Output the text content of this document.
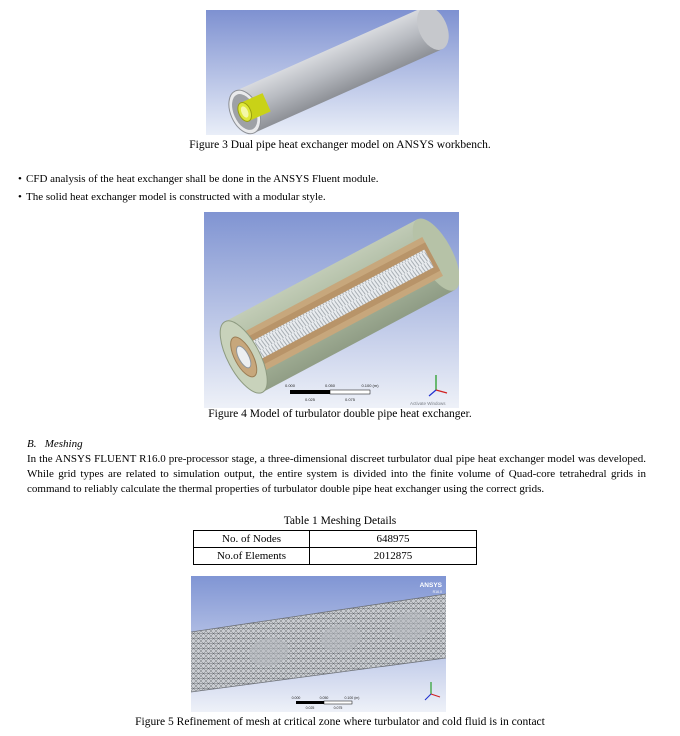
Figure 3 Dual pipe heat exchanger model on ANSYS workbench.
• CFD analysis of the heat exchanger shall be done in the ANSYS Fluent module.
• The solid heat exchanger model is constructed with a modular style.
0.000	0.050	0.100 (m)
0.025	0.075
Activate Windows
Figure 4 Model of turbulator double pipe heat exchanger.
B.   Meshing
In the ANSYS FLUENT R16.0 pre-processor stage, a three-dimensional discreet turbulator dual pipe heat exchanger model was developed. While grid types are related to simulation output, the entire system is divided into the finite volume of Quad-core tetrahedral grids in command to reliably calculate the thermal properties of turbulator double pipe heat exchanger using the correct grids.
Table 1 Meshing Details
No. of Nodes	648975
No.of Elements	2012875
ANSYS
R16.0
0.000	0.050	0.100 (m)
0.025	0.075
Figure 5 Refinement of mesh at critical zone where turbulator and cold fluid is in contact
